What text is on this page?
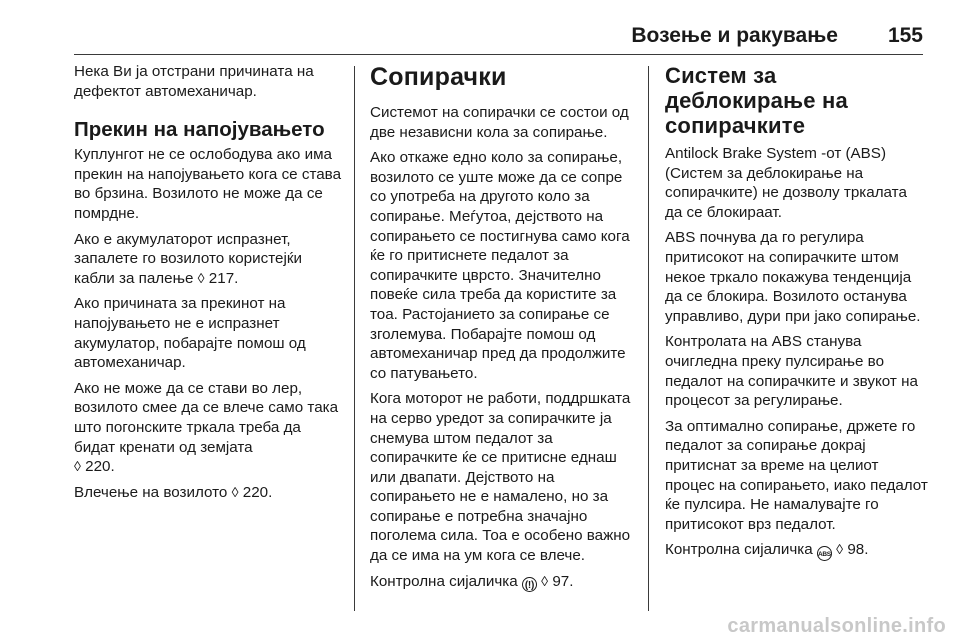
Возење и ракување 155

Нека Ви ја отстрани причината на дефектот автомеханичар.

Прекин на напојувањето

Куплунгот не се ослободува ако има прекин на напојувањето кога се става во брзина. Возилото не може да се помрдне.

Ако е акумулаторот испразнет, запалете го возилото користејќи кабли за палење ◊ 217.

Ако причината за прекинот на напојувањето не е испразнет акумулатор, побарајте помош од автомеханичар.

Ако не може да се стави во лер, возилото смее да се влече само така што погонските тркала треба да бидат кренати од земјата
◊ 220.

Влечење на возилото ◊ 220.

Сопирачки

Системот на сопирачки се состои од две независни кола за сопирање.

Ако откаже едно коло за сопирање, возилото се уште може да се сопре со употреба на другото коло за сопирање. Меѓутоа, дејството на сопирањето се постигнува само кога ќе го притиснете педалот за сопирачките цврсто. Значително повеќе сила треба да користите за тоа. Растојанието за сопирање се зголемува. Побарајте помош од автомеханичар пред да продолжите со патувањето.

Кога моторот не работи, поддршката на серво уредот за сопирачките ја снемува штом педалот за сопирачките ќе се притисне еднаш или двапати. Дејството на сопирањето не е намалено, но за сопирање е потребна значајно поголема сила. Тоа е особено важно да се има на ум кога се влече.

Контролна сијаличка (!) ◊ 97.

Систем за деблокирање на сопирачките

Antilock Brake System -от (ABS) (Систем за деблокирање на сопирачките) не дозволу тркалата да се блокираат.

ABS почнува да го регулира притисокот на сопирачките штом некое тркало покажува тенденција да се блокира. Возилото останува управливо, дури при јако сопирање.

Контролата на ABS станува очигледна преку пулсирање во педалот на сопирачките и звукот на процесот за регулирање.

За оптимално сопирање, држете го педалот за сопирање докрај притиснат за време на целиот процес на сопирањето, иако педалот ќе пулсира. Не намалувајте го притисокот врз педалот.

Контролна сијаличка ABS ◊ 98.

carmanualsonline.info
